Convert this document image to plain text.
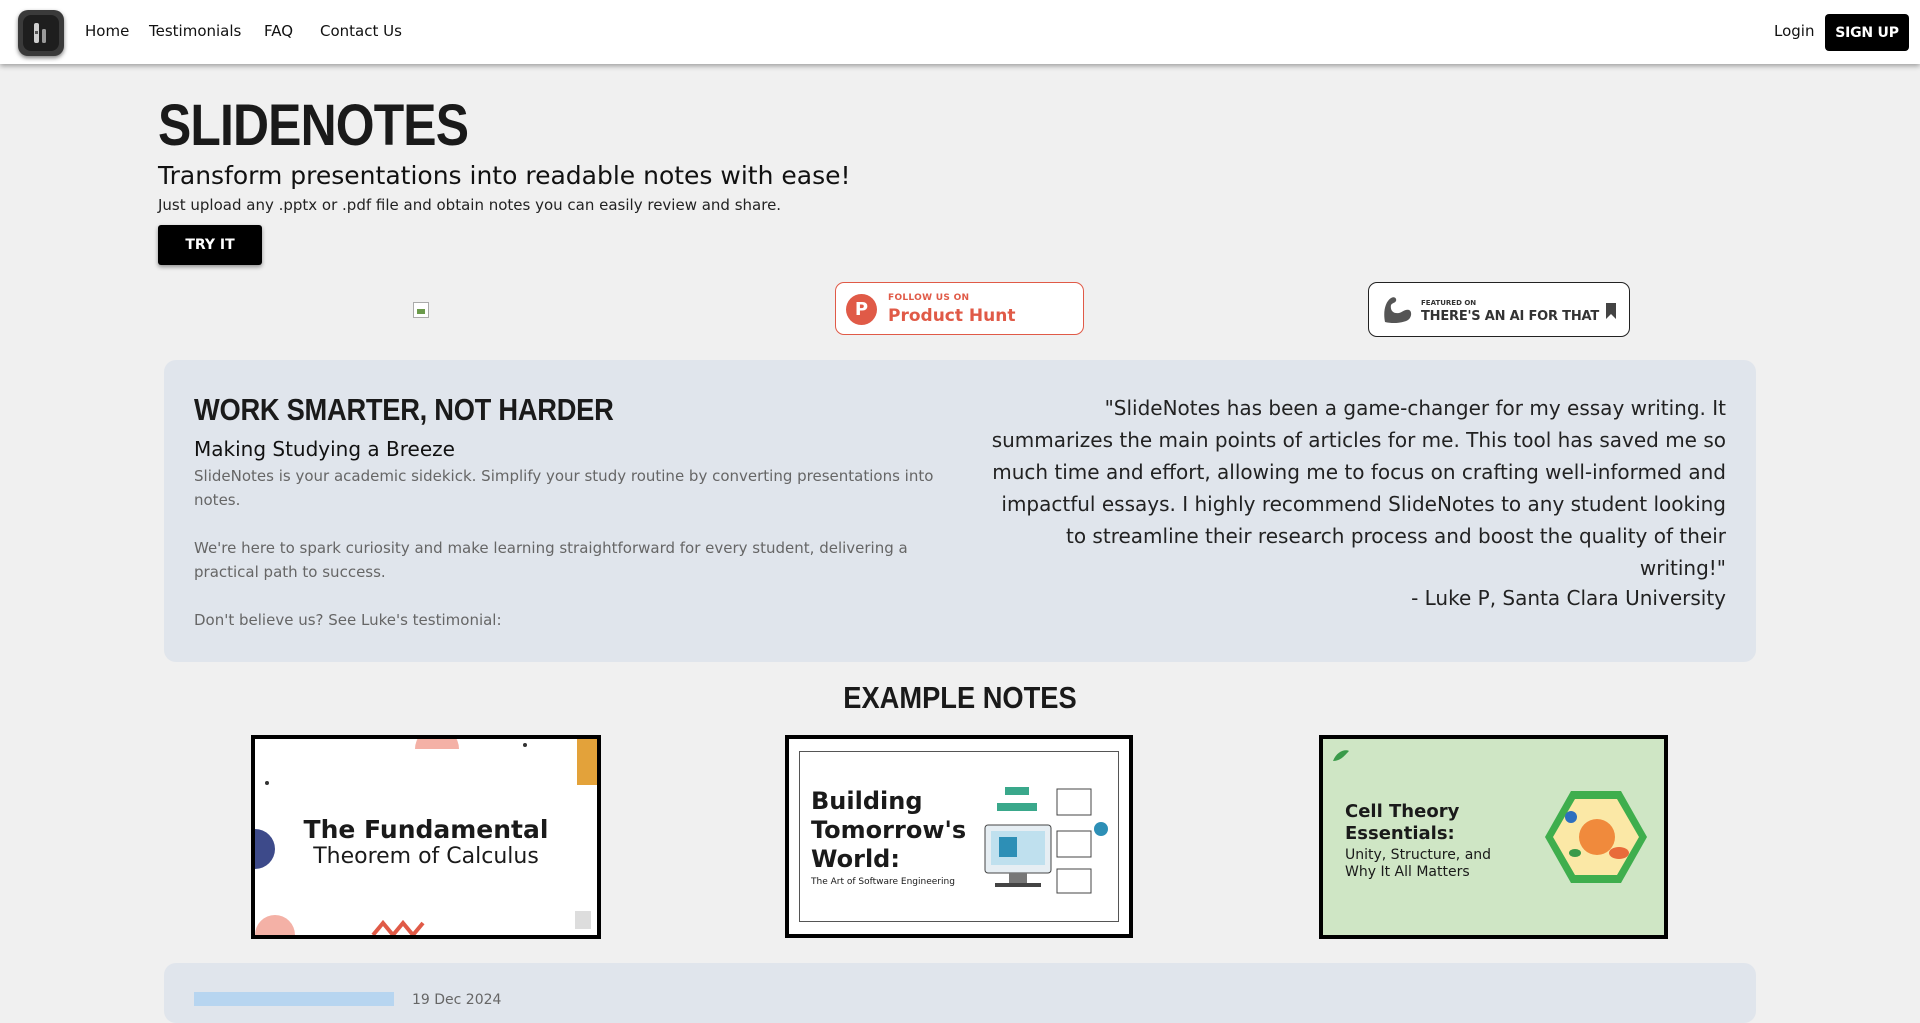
Home Testimonials FAQ Contact Us	Login	SIGN UP
SLIDENOTES
Transform presentations into readable notes with ease!
Just upload any .pptx or .pdf file and obtain notes you can easily review and share.
TRY IT
P
FOLLOW US ON
Product Hunt
FEATURED ON
THERE'S AN AI FOR THAT
WORK SMARTER, NOT HARDER
Making Studying a Breeze

SlideNotes is your academic sidekick. Simplify your study routine by converting presentations into notes.

We're here to spark curiosity and make learning straightforward for every student, delivering a practical path to success.

Don't believe us? See Luke's testimonial:

"SlideNotes has been a game-changer for my essay writing. It summarizes the main points of articles for me. This tool has saved me so much time and effort, allowing me to focus on crafting well-informed and impactful essays. I highly recommend SlideNotes to any student looking to streamline their research process and boost the quality of their writing!"

- Luke P, Santa Clara University
EXAMPLE NOTES
The Fundamental
Theorem of Calculus
Building Tomorrow's World:
The Art of Software Engineering
Cell Theory Essentials:
Unity, Structure, and Why It All Matters
19 Dec 2024
